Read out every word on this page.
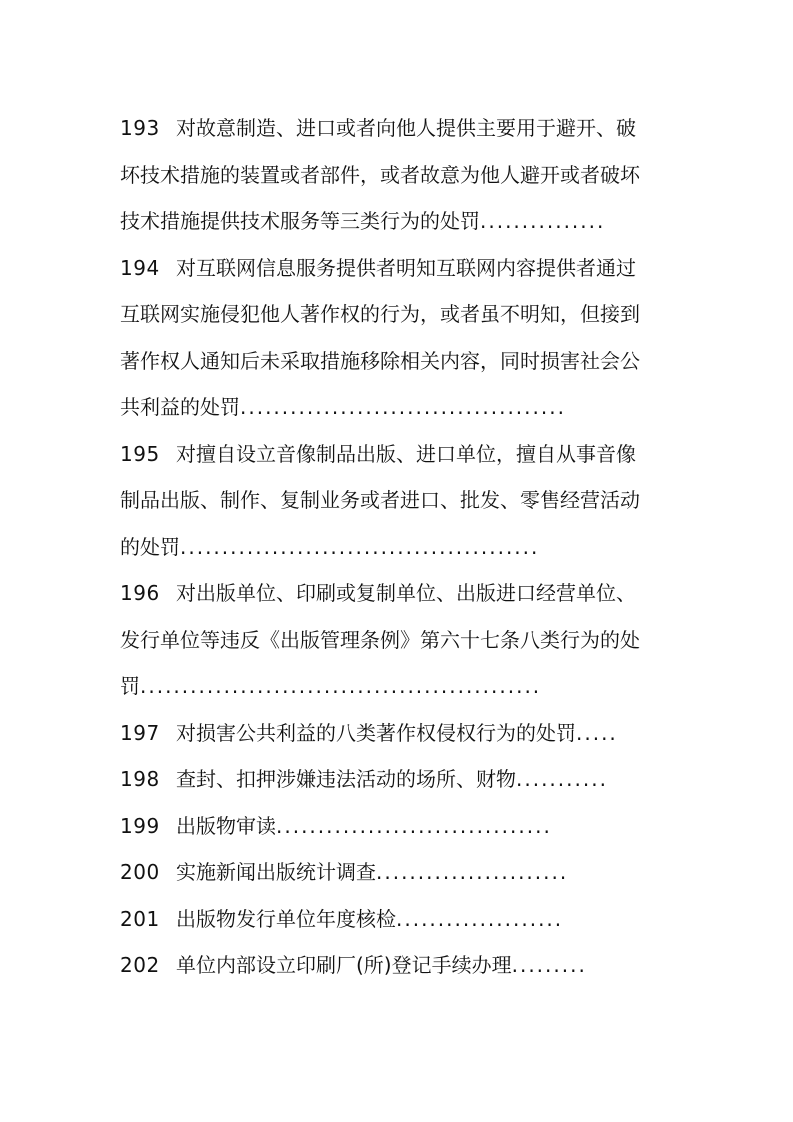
193 对故意制造、进口或者向他人提供主要用于避开、破
坏技术措施的装置或者部件，或者故意为他人避开或者破坏
技术措施提供技术服务等三类行为的处罚...............
194 对互联网信息服务提供者明知互联网内容提供者通过
互联网实施侵犯他人著作权的行为，或者虽不明知，但接到
著作权人通知后未采取措施移除相关内容，同时损害社会公
共利益的处罚.......................................
195 对擅自设立音像制品出版、进口单位，擅自从事音像
制品出版、制作、复制业务或者进口、批发、零售经营活动
的处罚...........................................
196 对出版单位、印刷或复制单位、出版进口经营单位、
发行单位等违反《出版管理条例》第六十七条八类行为的处
罚................................................
197 对损害公共利益的八类著作权侵权行为的处罚.....
198 查封、扣押涉嫌违法活动的场所、财物...........
199 出版物审读.................................
200 实施新闻出版统计调查.......................
201 出版物发行单位年度核检....................
202 单位内部设立印刷厂(所)登记手续办理.........
